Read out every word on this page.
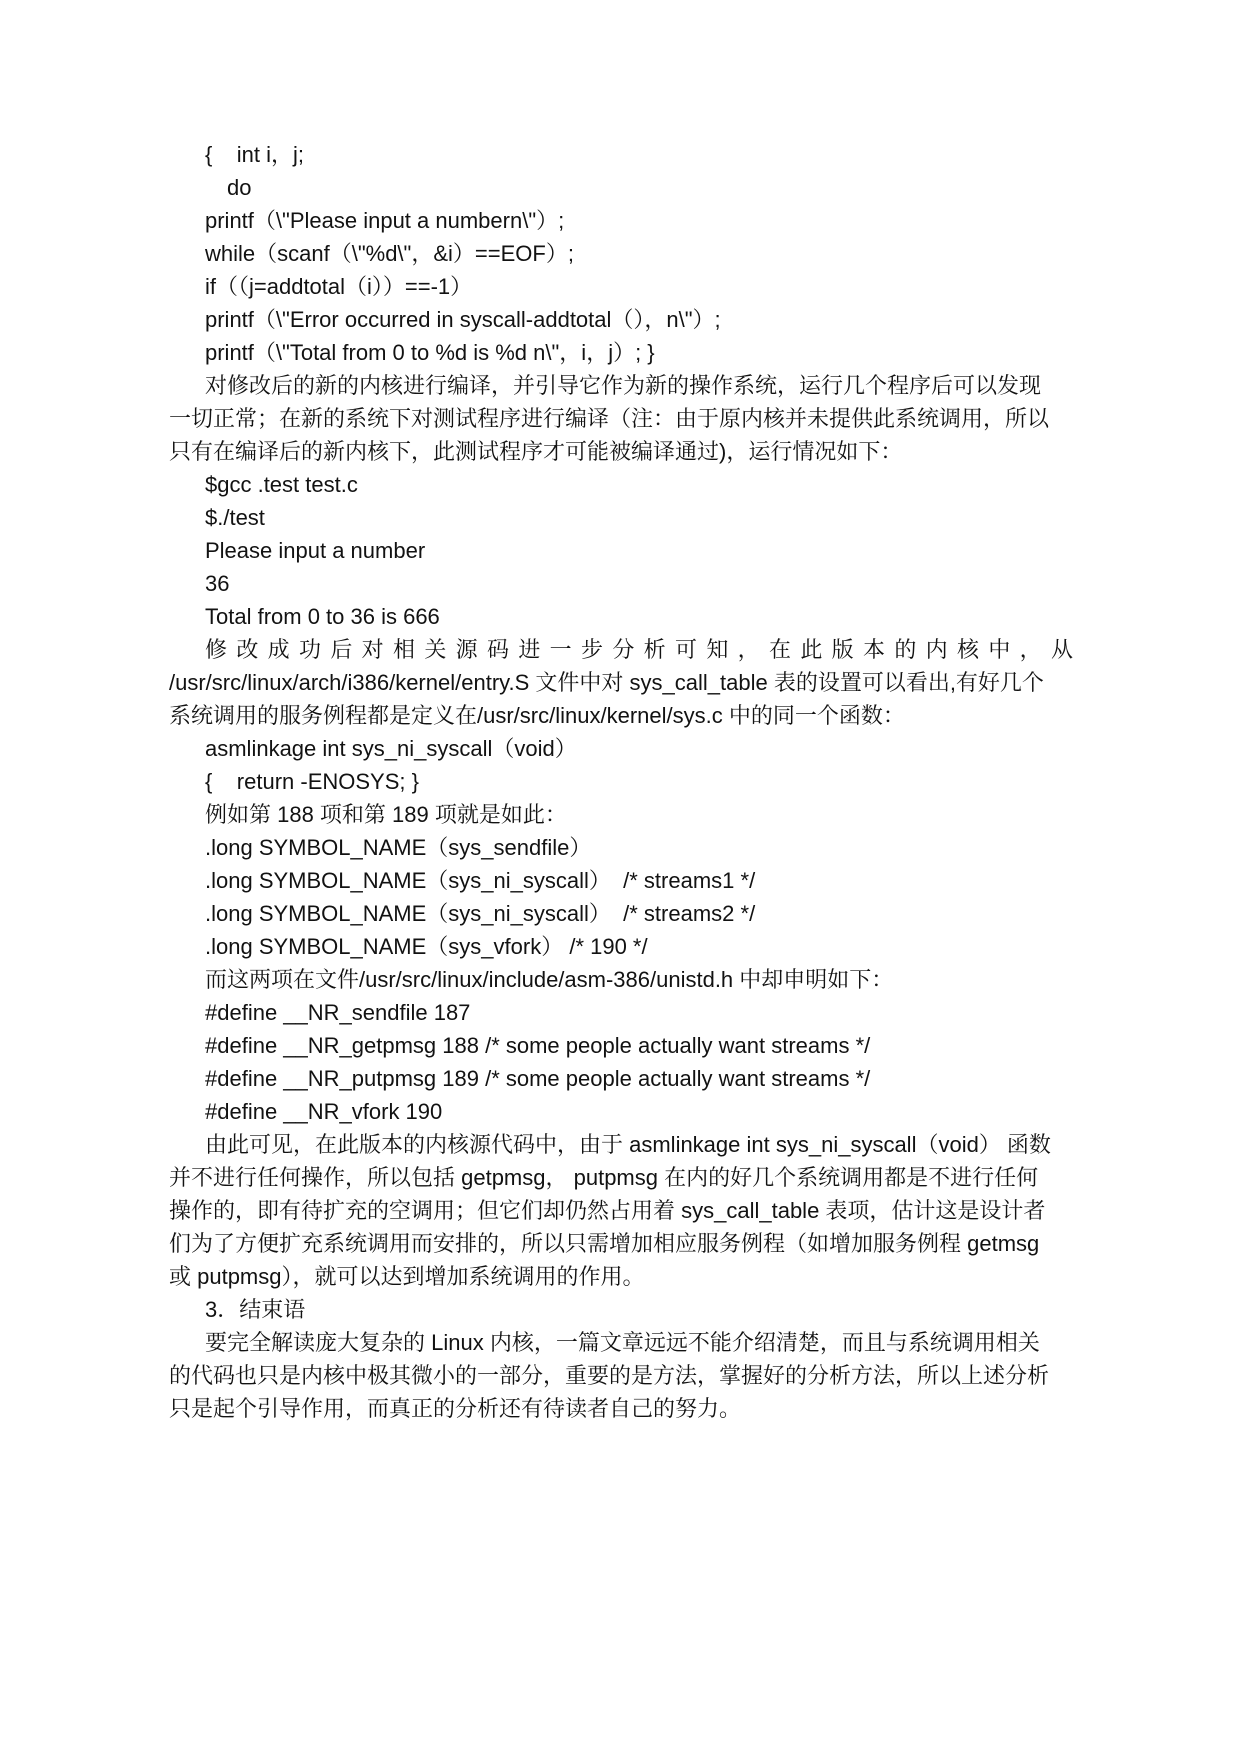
{    int i，j;
do
printf（\"Please input a numbern\"）;
while（scanf（\"%d\"，&i）==EOF）;
if（（j=addtotal（i））==-1）
printf（\"Error occurred in syscall-addtotal（），n\"）;
printf（\"Total from 0 to %d is %d n\"，i，j）; }
对修改后的新的内核进行编译，并引导它作为新的操作系统，运行几个程序后可以发现
一切正常；在新的系统下对测试程序进行编译（注：由于原内核并未提供此系统调用，所以
只有在编译后的新内核下，此测试程序才可能被编译通过)，运行情况如下：
$gcc .test test.c
$./test
Please input a number
36
Total from 0 to 36 is 666
修改成功后对相关源码进一步分析可知，在此版本的内核中，从
/usr/src/linux/arch/i386/kernel/entry.S 文件中对 sys_call_table 表的设置可以看出,有好几个
系统调用的服务例程都是定义在/usr/src/linux/kernel/sys.c 中的同一个函数：
asmlinkage int sys_ni_syscall（void）
{    return -ENOSYS; }
例如第 188 项和第 189 项就是如此：
.long SYMBOL_NAME（sys_sendfile）
.long SYMBOL_NAME（sys_ni_syscall）  /* streams1 */
.long SYMBOL_NAME（sys_ni_syscall）  /* streams2 */
.long SYMBOL_NAME（sys_vfork） /* 190 */
而这两项在文件/usr/src/linux/include/asm-386/unistd.h 中却申明如下：
#define __NR_sendfile 187
#define __NR_getpmsg 188 /* some people actually want streams */
#define __NR_putpmsg 189 /* some people actually want streams */
#define __NR_vfork 190
由此可见，在此版本的内核源代码中，由于 asmlinkage int sys_ni_syscall（void） 函数
并不进行任何操作，所以包括 getpmsg， putpmsg 在内的好几个系统调用都是不进行任何
操作的，即有待扩充的空调用；但它们却仍然占用着 sys_call_table 表项，估计这是设计者
们为了方便扩充系统调用而安排的，所以只需增加相应服务例程（如增加服务例程 getmsg
或 putpmsg），就可以达到增加系统调用的作用。
3．结束语
要完全解读庞大复杂的 Linux 内核，一篇文章远远不能介绍清楚，而且与系统调用相关
的代码也只是内核中极其微小的一部分，重要的是方法，掌握好的分析方法，所以上述分析
只是起个引导作用，而真正的分析还有待读者自己的努力。
